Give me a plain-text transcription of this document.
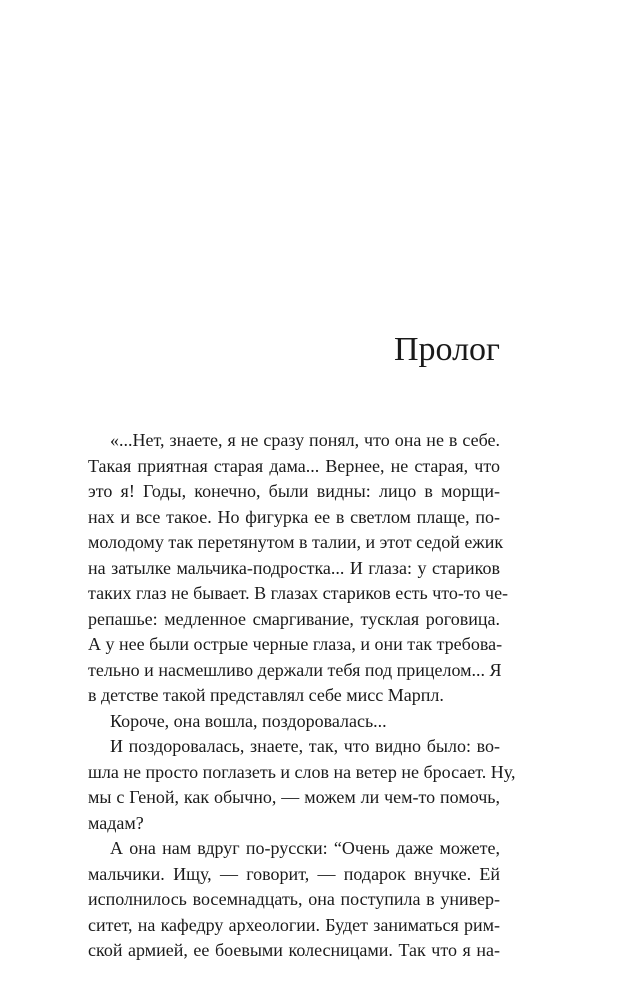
Пролог
«...Нет, знаете, я не сразу понял, что она не в себе.
Такая приятная старая дама... Вернее, не старая, что
это я! Годы, конечно, были видны: лицо в морщи-
нах и все такое. Но фигурка ее в светлом плаще, по-
молодому так перетянутом в талии, и этот седой ежик
на затылке мальчика-подростка... И глаза: у стариков
таких глаз не бывает. В глазах стариков есть что-то че-
репашье: медленное смаргивание, тусклая роговица.
А у нее были острые черные глаза, и они так требова-
тельно и насмешливо держали тебя под прицелом... Я
в детстве такой представлял себе мисс Марпл.
Короче, она вошла, поздоровалась...
И поздоровалась, знаете, так, что видно было: во-
шла не просто поглазеть и слов на ветер не бросает. Ну,
мы с Геной, как обычно, — можем ли чем-то помочь,
мадам?
А она нам вдруг по-русски: “Очень даже можете,
мальчики. Ищу, — говорит, — подарок внучке. Ей
исполнилось восемнадцать, она поступила в универ-
ситет, на кафедру археологии. Будет заниматься рим-
ской армией, ее боевыми колесницами. Так что я на-
